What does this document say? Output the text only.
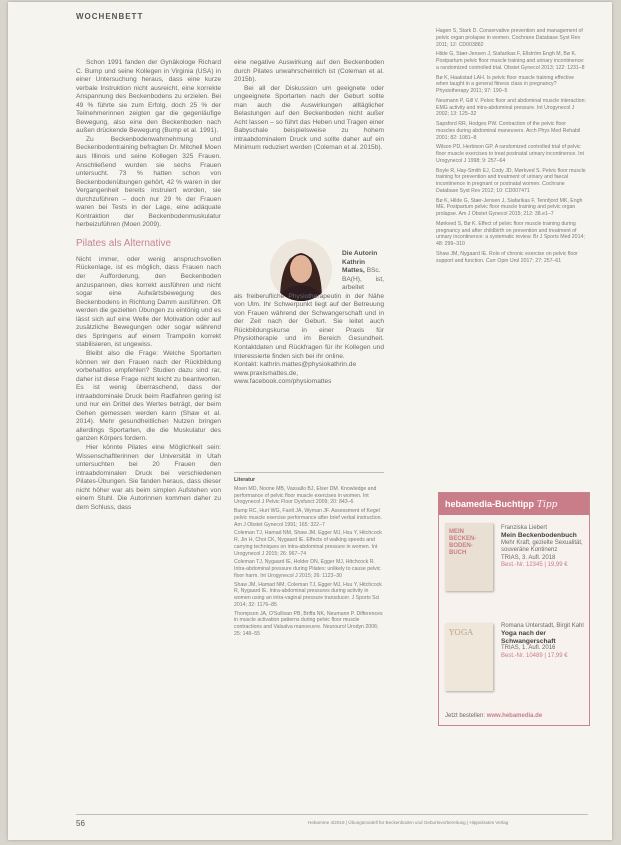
WOCHENBETT

Schon 1991 fanden der Gynäkologe Richard C. Bump und seine Kollegen in Virginia (USA) in einer Untersuchung heraus, dass eine kurze verbale Instruktion nicht ausreicht, eine korrekte Anspannung des Beckenbodens zu erzielen. Bei 49 % führte sie zum Erfolg, doch 25 % der Teilnehmerinnen zeigten gar die gegenläufige Bewegung, also eine den Beckenboden nach außen drückende Bewegung (Bump et al. 1991).

Zu Beckenbodenwahrnehmung und Beckenbodentraining befragten Dr. Mitchell Moen aus Illinois und seine Kollegen 325 Frauen. Anschließend wurden sie sechs Frauen untersucht. 73 % hatten schon von Beckenbodenübungen gehört, 42 % waren in der Vergangenheit bereits instruiert worden, sie durchzuführen – doch nur 29 % der Frauen waren bei Tests in der Lage, eine adäquate Kontraktion der Beckenbodenmuskulatur herbeizuführen (Moen 2009).

Pilates als Alternative

Nicht immer, oder wenig anspruchsvollen Rückenlage, ist es möglich, dass Frauen nach der Aufforderung, den Beckenboden anzuspannen, dies korrekt ausführen und nicht sogar eine Aufwärtsbewegung des Beckenbodens in Richtung Damm ausführen. Oft werden die gezielten Übungen zu eintönig und es lässt sich auf eine Welle der Motivation oder auf zusätzliche Bewegungen oder sogar während des Springens auf einem Trampolin korrekt stabilisieren, ist ungewiss.

Bleibt also die Frage: Welche Sportarten können wir den Frauen nach der Rückbildung vorbehaltlos empfehlen? Studien dazu sind rar, daher ist diese Frage nicht leicht zu beantworten. Es ist wenig überraschend, dass der intraabdominale Druck beim Radfahren gering ist und nur ein Drittel des Wertes beträgt, der beim Gehen gemessen werden kann (Shaw et al. 2014). Mehr gesundheitlichen Nutzen bringen allerdings Sportarten, die die Muskulatur des ganzen Körpers fordern.

Hier könnte Pilates eine Möglichkeit sein: Wissenschaftlerinnen der Universität in Utah untersuchten bei 20 Frauen den intraabdominalen Druck bei verschiedenen Pilates-Übungen. Sie fanden heraus, dass dieser nicht höher war als beim simplen Aufstehen von einem Stuhl. Die Autorinnen kommen daher zu dem Schluss, dass

eine negative Auswirkung auf den Beckenboden durch Pilates unwahrscheinlich ist (Coleman et al. 2015b).

Bei all der Diskussion um geeignete oder ungeeignete Sportarten nach der Geburt sollte man auch die Auswirkungen alltäglicher Belastungen auf den Beckenboden nicht außer Acht lassen – so führt das Heben und Tragen einer Babyschale beispielsweise zu hohem intraabdominalem Druck und sollte daher auf ein Minimum reduziert werden (Coleman et al. 2015b).

Die Autorin

Kathrin Mattes, BSc.

BA(H), ist, arbeitet

als freiberufliche Physiotherapeutin in der Nähe von Ulm. Ihr Schwerpunkt liegt auf der Betreuung von Frauen während der Schwangerschaft und in der Zeit nach der Geburt. Sie leitet auch Rückbildungskurse in einer Praxis für Physiotherapie und im Bereich Gesundheit. Kontaktdaten und Rückfragen für ihr Kollegen und Interessierte finden sich bei ihr online.

Kontakt: kathrin.mattes@physiokathrin.de

www.praxismattes.de, www.facebook.com/physiomattes

Literatur

Moen MD, Noone MB, Vassallo BJ, Elser DM. Knowledge and performance of pelvic floor muscle exercises in women. Int Urogynecol J Pelvic Floor Dysfunct 2009; 20: 843–6

Bump RC, Hurt WG, Fantl JA, Wyman JF. Assessment of Kegel pelvic muscle exercise performance after brief verbal instruction. Am J Obstet Gynecol 1991; 165: 322–7

Coleman TJ, Hamad NM, Shaw JM, Egger MJ, Hsu Y, Hitchcock R, Jin H, Choi CK, Nygaard IE. Effects of walking speeds and carrying techniques on intra-abdominal pressure in women. Int Urogynecol J 2015; 26: 967–74

Coleman TJ, Nygaard IE, Holder DN, Egger MJ, Hitchcock R. Intra-abdominal pressure during Pilates: unlikely to cause pelvic floor harm. Int Urogynecol J 2015; 26: 1123–30

Shaw JM, Hamad NM, Coleman TJ, Egger MJ, Hsu Y, Hitchcock R, Nygaard IE. Intra-abdominal pressures during activity in women using an intra-vaginal pressure transducer. J Sports Sci 2014; 32: 1176–85

Thompson JA, O'Sullivan PB, Briffa NK, Neumann P. Differences in muscle activation patterns during pelvic floor muscle contractions and Valsalva manoeuvre. Neurourol Urodyn 2006; 25: 148–55

Hagen S, Stark D. Conservative prevention and management of pelvic organ prolapse in women. Cochrane Database Syst Rev 2011; 12: CD003882

Hilde G, Stær-Jensen J, Siafarikas F, Ellström Engh M, Bø K. Postpartum pelvic floor muscle training and urinary incontinence: a randomized controlled trial. Obstet Gynecol 2013; 122: 1231–8

Bø K, Haakstad LAH. Is pelvic floor muscle training effective when taught in a general fitness class in pregnancy? Physiotherapy 2011; 97: 190–5

Neumann P, Gill V. Pelvic floor and abdominal muscle interaction: EMG activity and intra-abdominal pressure. Int Urogynecol J 2002; 13: 125–32

Sapsford RR, Hodges PW. Contraction of the pelvic floor muscles during abdominal maneuvers. Arch Phys Med Rehabil 2001; 82: 1081–8

Wilson PD, Herbison GP. A randomized controlled trial of pelvic floor muscle exercises to treat postnatal urinary incontinence. Int Urogynecol J 1998; 9: 257–64

Boyle R, Hay-Smith EJ, Cody JD, Mørkved S. Pelvic floor muscle training for prevention and treatment of urinary and faecal incontinence in pregnant or postnatal women. Cochrane Database Syst Rev 2012; 10: CD007471

Bø K, Hilde G, Stær-Jensen J, Siafarikas F, Tennfjord MK, Engh ME. Postpartum pelvic floor muscle training and pelvic organ prolapse. Am J Obstet Gynecol 2015; 212: 38.e1–7

Mørkved S, Bø K. Effect of pelvic floor muscle training during pregnancy and after childbirth on prevention and treatment of urinary incontinence: a systematic review. Br J Sports Med 2014; 48: 299–310

Shaw JM, Nygaard IE. Role of chronic exercise on pelvic floor support and function. Curr Opin Urol 2017; 27: 257–61

hebamedia-Buchtipp Tipp
MEIN BECKEN-BODEN-BUCH
Franziska Liebert
Mein Beckenbodenbuch
Mehr Kraft, gezielte Sexualität, souveräne Kontinenz
TRIAS, 3. Aufl. 2018
Best.-Nr. 12345 | 19,99 €
YOGA
Romana Unterstadt, Birgit Kahl
Yoga nach der Schwangerschaft
TRIAS, 1. Aufl. 2016
Best.-Nr. 10489 | 17,99 €
Jetzt bestellen: www.hebamedia.de
56	Hebamme 4/2018 | Übungsmodell für Beckenboden und Geburtsvorbereitung | Hippokrates Verlag
